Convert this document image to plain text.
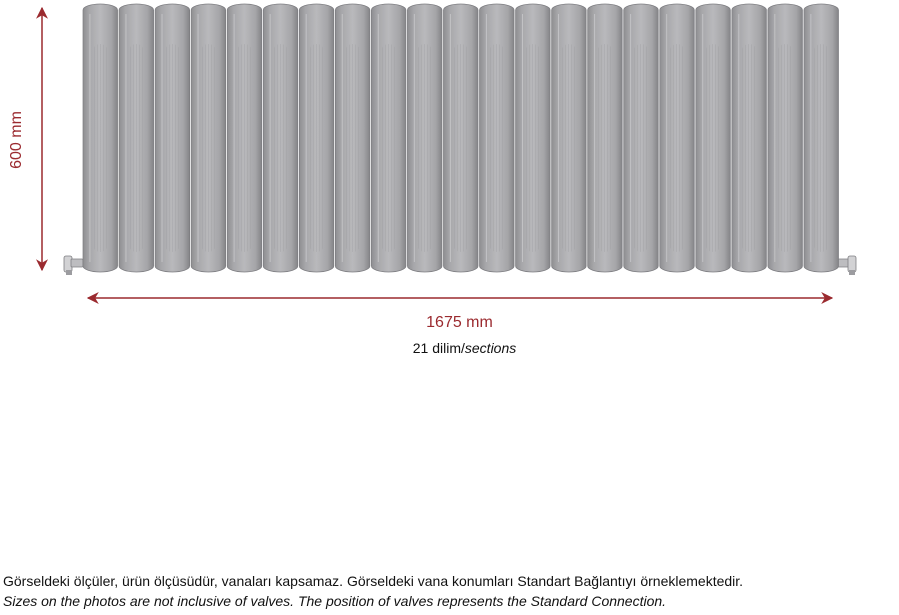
600 mm
1675 mm
21 dilim/sections
Görseldeki ölçüler, ürün ölçüsüdür, vanaları kapsamaz. Görseldeki vana konumları Standart Bağlantıyı örneklemektedir.
Sizes on the photos are not inclusive of valves. The position of valves represents the Standard Connection.
